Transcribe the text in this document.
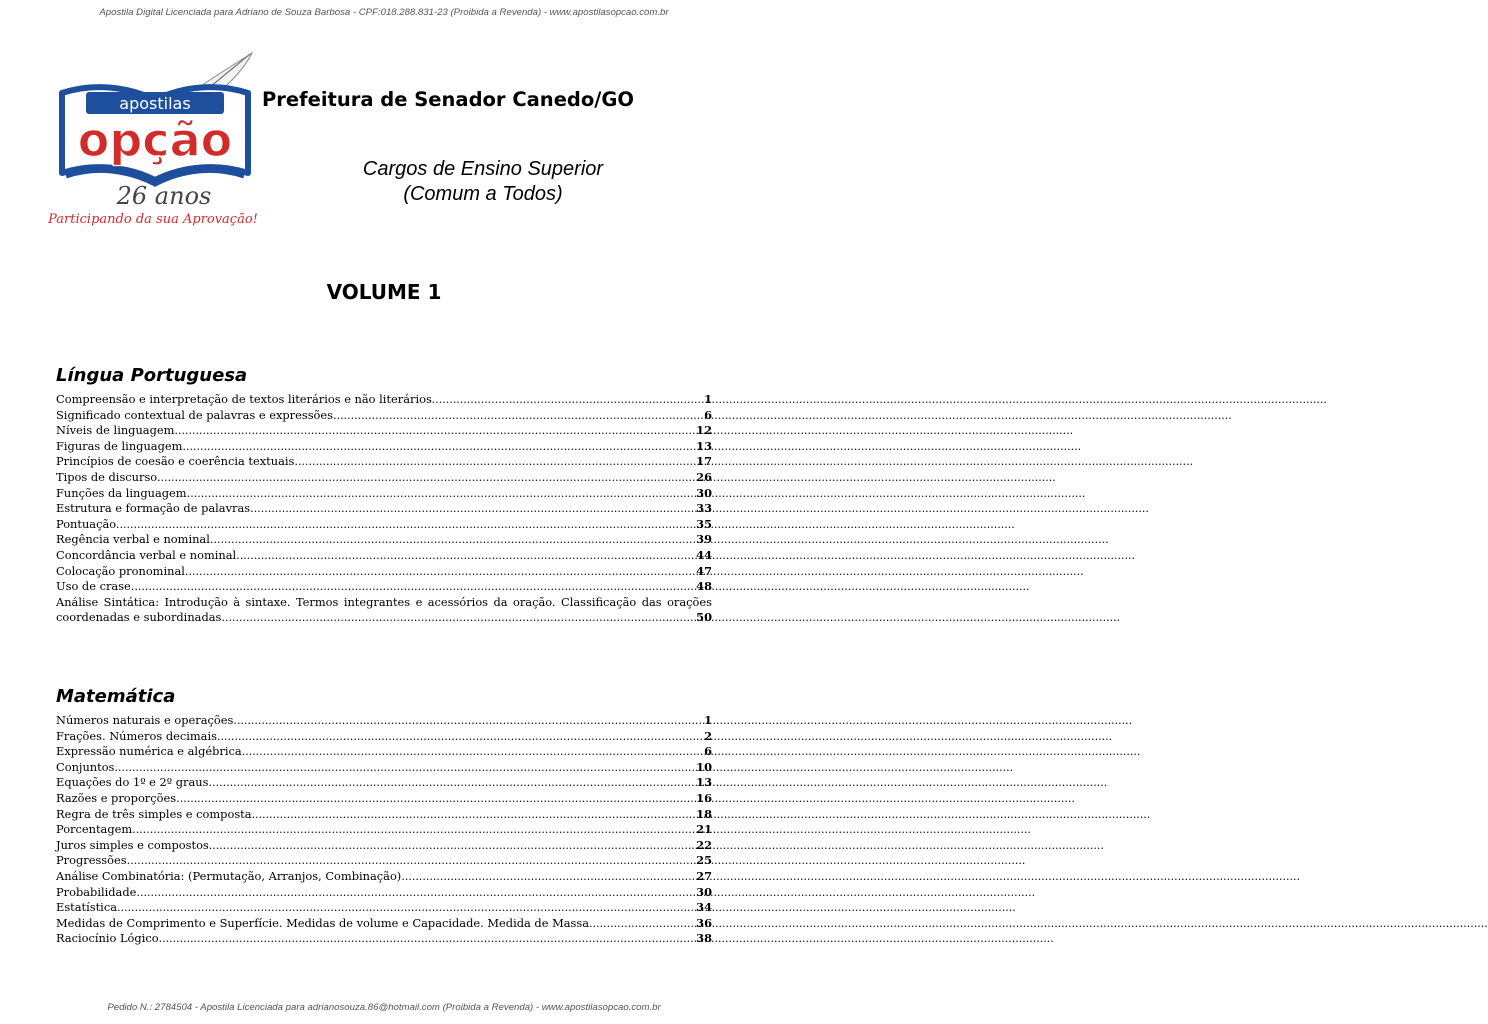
Apostila Digital Licenciada para Adriano de Souza Barbosa - CPF:018.288.831-23 (Proibida a Revenda) - www.apostilasopcao.com.br
apostilas
opção
26 anos
Participando da sua Aprovação!
Prefeitura de Senador Canedo/GO
Cargos de Ensino Superior
(Comum a Todos)
VOLUME 1
Língua Portuguesa
Compreensão e interpretação de textos literários e não literários .....	1
Significado contextual de palavras e expressões. .....	6
Níveis de linguagem. .....	12
Figuras de linguagem. .....	13
Princípios de coesão e coerência textuais. .....	17
Tipos de discurso. .....	26
Funções da linguagem. .....	30
Estrutura e formação de palavras. .....	33
Pontuação. .....	35
Regência verbal e nominal. .....	39
Concordância verbal e nominal. .....	44
Colocação pronominal. .....	47
Uso de crase. .....	48
Análise Sintática: Introdução à sintaxe. Termos integrantes e acessórios da oração. Classificação das orações
coordenadas e subordinadas. .....	50
Matemática
Números naturais e operações. .....	1
Frações. Números decimais .....	2
Expressão numérica e algébrica. .....	6
Conjuntos. .....	10
Equações do 1º e 2º graus. .....	13
Razões e proporções. .....	16
Regra de três simples e composta. .....	18
Porcentagem. .....	21
Juros simples e compostos .....	22
Progressões. .....	25
Análise Combinatória: (Permutação, Arranjos, Combinação). .....	27
Probabilidade. .....	30
Estatística. .....	34
Medidas de Comprimento e Superfície. Medidas de volume e Capacidade. Medida de Massa. .....	36
Raciocínio Lógico .....	38
Pedido N.: 2784504 - Apostila Licenciada para adrianosouza.86@hotmail.com (Proibida a Revenda) - www.apostilasopcao.com.br
